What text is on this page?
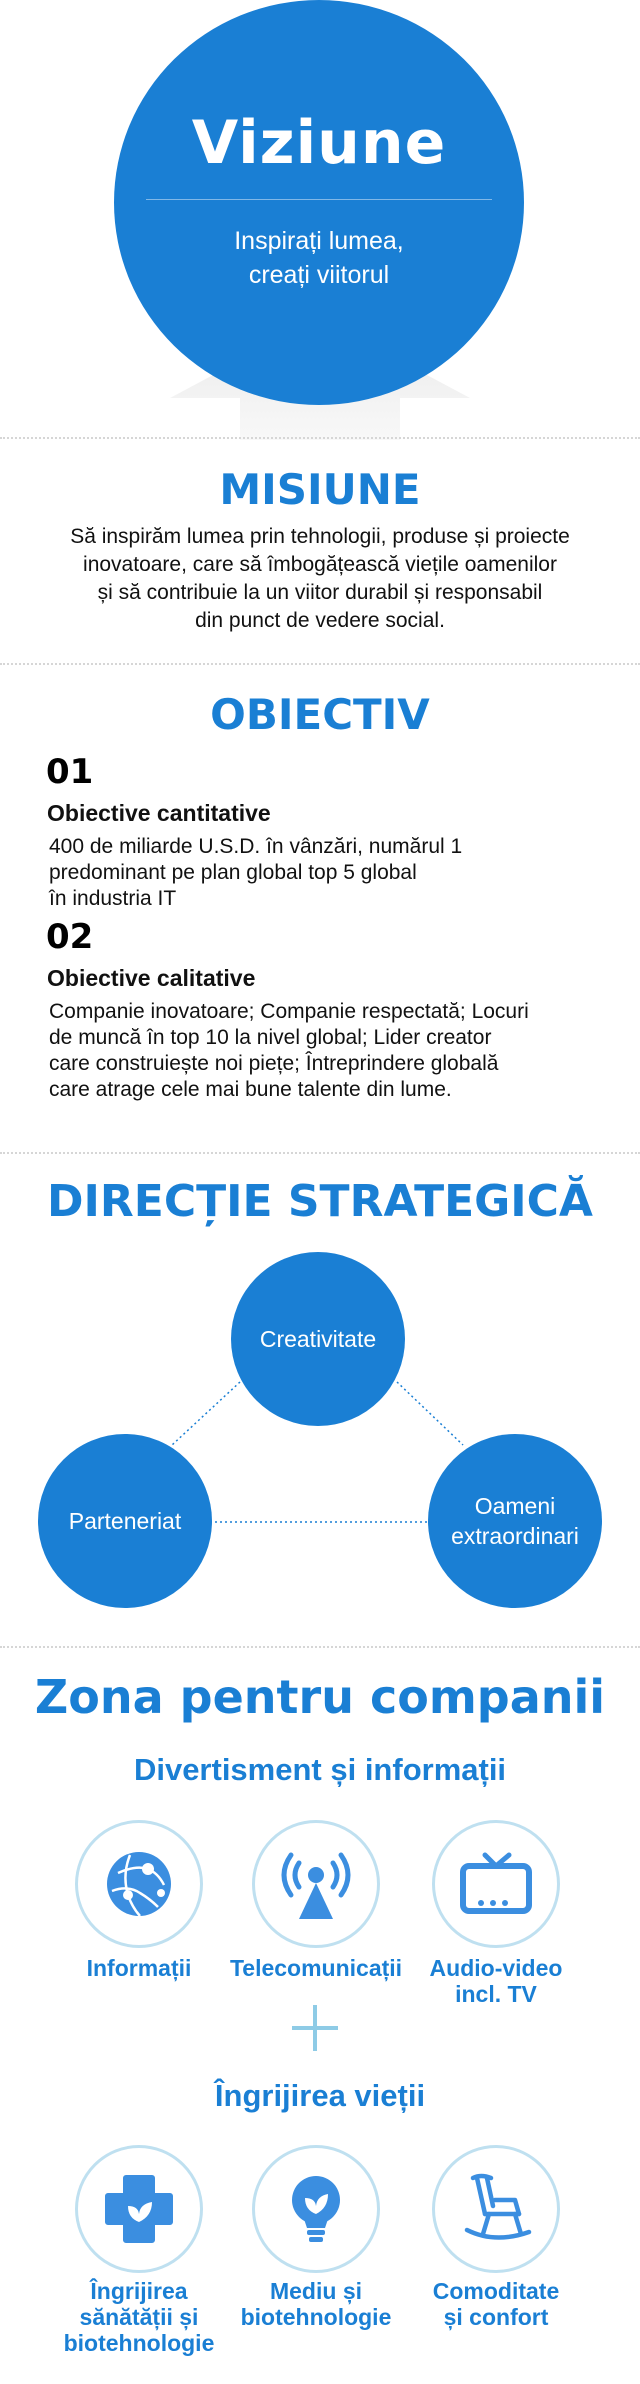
Viziune
Inspirați lumea,
creați viitorul
MISIUNE
Să inspirăm lumea prin tehnologii, produse și proiecte
inovatoare, care să îmbogățească viețile oamenilor
și să contribuie la un viitor durabil și responsabil
din punct de vedere social.
OBIECTIV
01
Obiective cantitative
400 de miliarde U.S.D. în vânzări, numărul 1
predominant pe plan global top 5 global
în industria IT
02
Obiective calitative
Companie inovatoare; Companie respectată; Locuri
de muncă în top 10 la nivel global; Lider creator
care construiește noi piețe; Întreprindere globală
care atrage cele mai bune talente din lume.
DIRECȚIE STRATEGICĂ
Creativitate
Parteneriat
Oameni
extraordinari
Zona pentru companii
Divertisment și informații
Informații	Telecomunicații	Audio-video
incl. TV
Îngrijirea vieții
Îngrijirea
sănătății și
biotehnologie
Mediu și
biotehnologie
Comoditate
și confort
